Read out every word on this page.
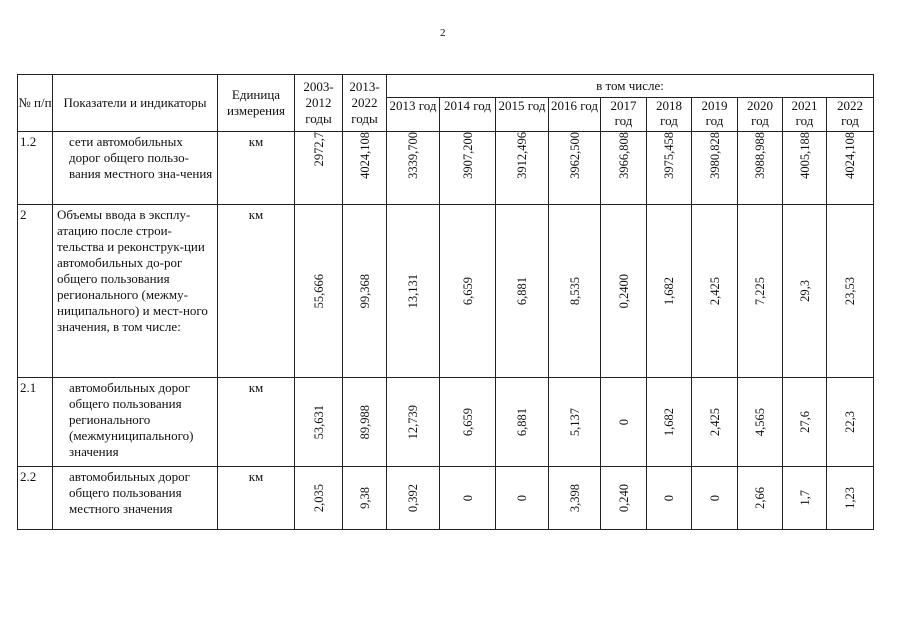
2
№ п/п	Показатели и индикаторы	Единица измерения	2003-2012 годы	2013-2022 годы	в том числе:									
					2013 год	2014 год	2015 год	2016 год	2017 год	2018 год	2019 год	2020 год	2021 год	2022 год
1.2	сети автомобильных дорог общего пользо-вания местного зна-чения	км	2972,7	4024,108	3339,700	3907,200	3912,496	3962,500	3966,808	3975,458	3980,828	3988,988	4005,188	4024,108

2	Объемы ввода в эксплу-атацию после строи-тельства и реконструк-ции автомобильных до-рог общего пользования регионального (межму-ниципального) и мест-ного значения, в том числе:	км	55,666	99,368	13,131	6,659	6,881	8,535	0,2400	1,682	2,425	7,225	29,3	23,53

2.1	автомобильных дорог общего пользования регионального (межмуниципального) значения	км	53,631	89,988	12,739	6,659	6,881	5,137	0	1,682	2,425	4,565	27,6	22,3

2.2	автомобильных дорог общего пользования местного значения	км	2,035	9,38	0,392	0	0	3,398	0,240	0	0	2,66	1,7	1,23
